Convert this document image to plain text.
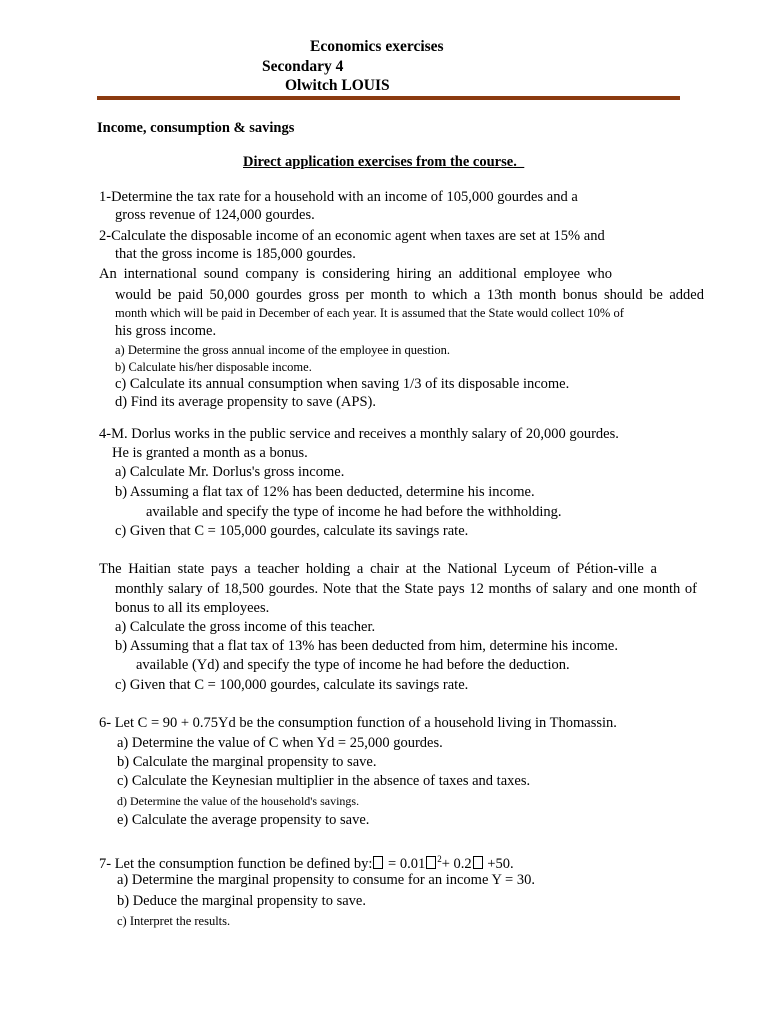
Economics exercises
Secondary 4
Olwitch LOUIS
Income, consumption & savings
Direct application exercises from the course._
1-Determine the tax rate for a household with an income of 105,000 gourdes and a
gross revenue of 124,000 gourdes.
2-Calculate the disposable income of an economic agent when taxes are set at 15% and
that the gross income is 185,000 gourdes.
An international sound company is considering hiring an additional employee who
would be paid 50,000 gourdes gross per month to which a 13th month bonus should be added
month which will be paid in December of each year. It is assumed that the State would collect 10% of
his gross income.
a) Determine the gross annual income of the employee in question.
b) Calculate his/her disposable income.
c) Calculate its annual consumption when saving 1/3 of its disposable income.
d) Find its average propensity to save (APS).
4-M. Dorlus works in the public service and receives a monthly salary of 20,000 gourdes.
He is granted a month as a bonus.
a) Calculate Mr. Dorlus's gross income.
b) Assuming a flat tax of 12% has been deducted, determine his income.
available and specify the type of income he had before the withholding.
c) Given that C = 105,000 gourdes, calculate its savings rate.
The Haitian state pays a teacher holding a chair at the National Lyceum of Pétion-ville a
monthly salary of 18,500 gourdes. Note that the State pays 12 months of salary and one month of
bonus to all its employees.
a) Calculate the gross income of this teacher.
b) Assuming that a flat tax of 13% has been deducted from him, determine his income.
available (Yd) and specify the type of income he had before the deduction.
c) Given that C = 100,000 gourdes, calculate its savings rate.
6- Let C = 90 + 0.75Yd be the consumption function of a household living in Thomassin.
a) Determine the value of C when Yd = 25,000 gourdes.
b) Calculate the marginal propensity to save.
c) Calculate the Keynesian multiplier in the absence of taxes and taxes.
d) Determine the value of the household's savings.
e) Calculate the average propensity to save.
7- Let the consumption function be defined by: = 0.01 $^2$+ 0.2 +50.
a) Determine the marginal propensity to consume for an income Y = 30.
b) Deduce the marginal propensity to save.
c) Interpret the results.
